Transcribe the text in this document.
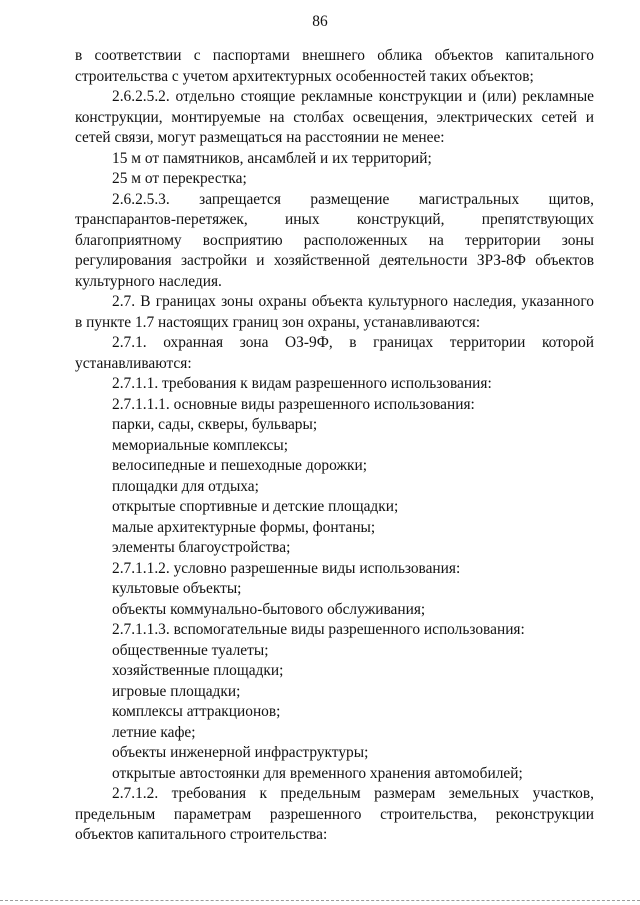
86

в соответствии с паспортами внешнего облика объектов капитального строительства с учетом архитектурных особенностей таких объектов;

2.6.2.5.2. отдельно стоящие рекламные конструкции и (или) рекламные конструкции, монтируемые на столбах освещения, электрических сетей и сетей связи, могут размещаться на расстоянии не менее:

15 м от памятников, ансамблей и их территорий;

25 м от перекрестка;

2.6.2.5.3. запрещается размещение магистральных щитов, транспарантов-перетяжек, иных конструкций, препятствующих благоприятному восприятию расположенных на территории зоны регулирования застройки и хозяйственной деятельности ЗРЗ-8Ф объектов культурного наследия.

2.7. В границах зоны охраны объекта культурного наследия, указанного в пункте 1.7 настоящих границ зон охраны, устанавливаются:

2.7.1. охранная зона ОЗ-9Ф, в границах территории которой устанавливаются:

2.7.1.1. требования к видам разрешенного использования:

2.7.1.1.1. основные виды разрешенного использования:

парки, сады, скверы, бульвары;

мемориальные комплексы;

велосипедные и пешеходные дорожки;

площадки для отдыха;

открытые спортивные и детские площадки;

малые архитектурные формы, фонтаны;

элементы благоустройства;

2.7.1.1.2. условно разрешенные виды использования:

культовые объекты;

объекты коммунально-бытового обслуживания;

2.7.1.1.3. вспомогательные виды разрешенного использования:

общественные туалеты;

хозяйственные площадки;

игровые площадки;

комплексы аттракционов;

летние кафе;

объекты инженерной инфраструктуры;

открытые автостоянки для временного хранения автомобилей;

2.7.1.2. требования к предельным размерам земельных участков, предельным параметрам разрешенного строительства, реконструкции объектов капитального строительства:
